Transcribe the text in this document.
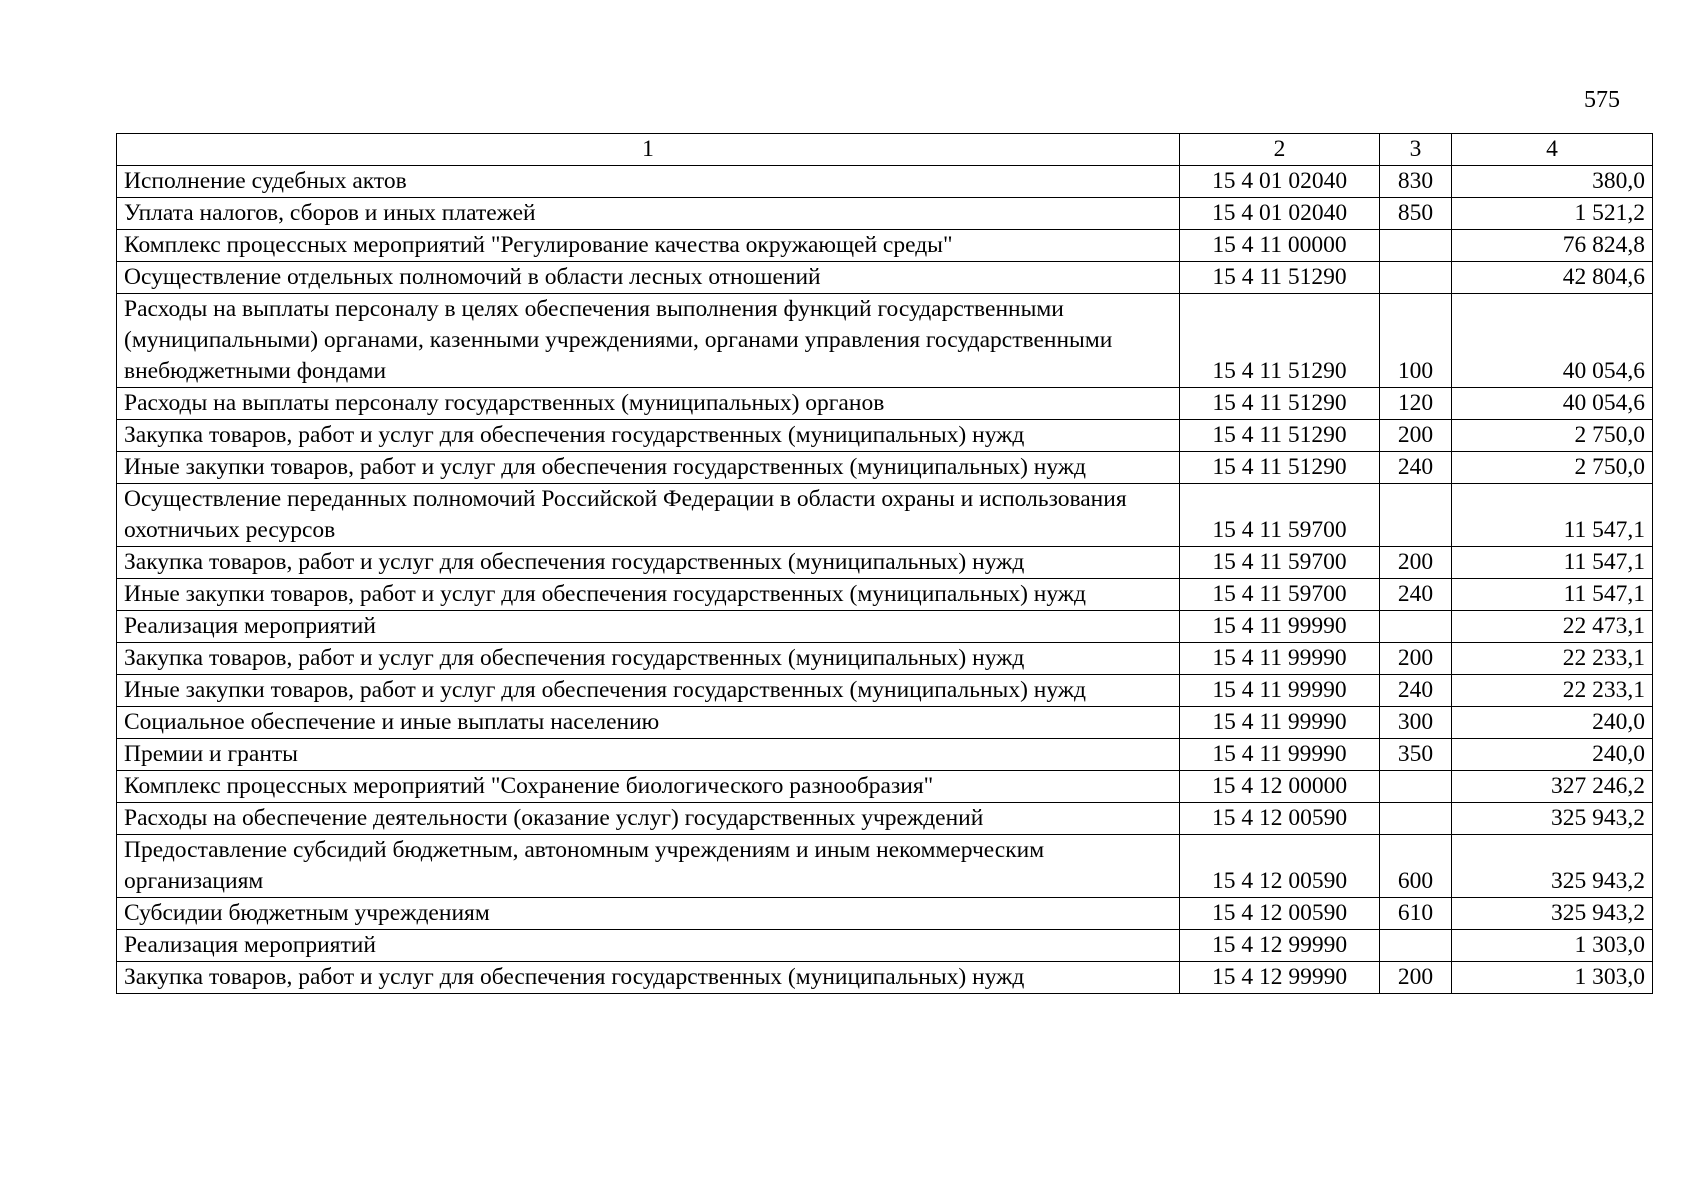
575
1	2	3	4
Исполнение судебных актов	15 4 01 02040	830	380,0
Уплата налогов, сборов и иных платежей	15 4 01 02040	850	1 521,2
Комплекс процессных мероприятий "Регулирование качества окружающей среды"	15 4 11 00000		76 824,8
Осуществление отдельных полномочий в области лесных отношений	15 4 11 51290		42 804,6
Расходы на выплаты персоналу в целях обеспечения выполнения функций государственными (муниципальными) органами, казенными учреждениями, органами управления государственными внебюджетными фондами	15 4 11 51290	100	40 054,6
Расходы на выплаты персоналу государственных (муниципальных) органов	15 4 11 51290	120	40 054,6
Закупка товаров, работ и услуг для обеспечения государственных (муниципальных) нужд	15 4 11 51290	200	2 750,0
Иные закупки товаров, работ и услуг для обеспечения государственных (муниципальных) нужд	15 4 11 51290	240	2 750,0
Осуществление переданных полномочий Российской Федерации в области охраны и использования охотничьих ресурсов	15 4 11 59700		11 547,1
Закупка товаров, работ и услуг для обеспечения государственных (муниципальных) нужд	15 4 11 59700	200	11 547,1
Иные закупки товаров, работ и услуг для обеспечения государственных (муниципальных) нужд	15 4 11 59700	240	11 547,1
Реализация мероприятий	15 4 11 99990		22 473,1
Закупка товаров, работ и услуг для обеспечения государственных (муниципальных) нужд	15 4 11 99990	200	22 233,1
Иные закупки товаров, работ и услуг для обеспечения государственных (муниципальных) нужд	15 4 11 99990	240	22 233,1
Социальное обеспечение и иные выплаты населению	15 4 11 99990	300	240,0
Премии и гранты	15 4 11 99990	350	240,0
Комплекс процессных мероприятий "Сохранение биологического разнообразия"	15 4 12 00000		327 246,2
Расходы на обеспечение деятельности (оказание услуг) государственных учреждений	15 4 12 00590		325 943,2
Предоставление субсидий бюджетным, автономным учреждениям и иным некоммерческим организациям	15 4 12 00590	600	325 943,2
Субсидии бюджетным учреждениям	15 4 12 00590	610	325 943,2
Реализация мероприятий	15 4 12 99990		1 303,0
Закупка товаров, работ и услуг для обеспечения государственных (муниципальных) нужд	15 4 12 99990	200	1 303,0
